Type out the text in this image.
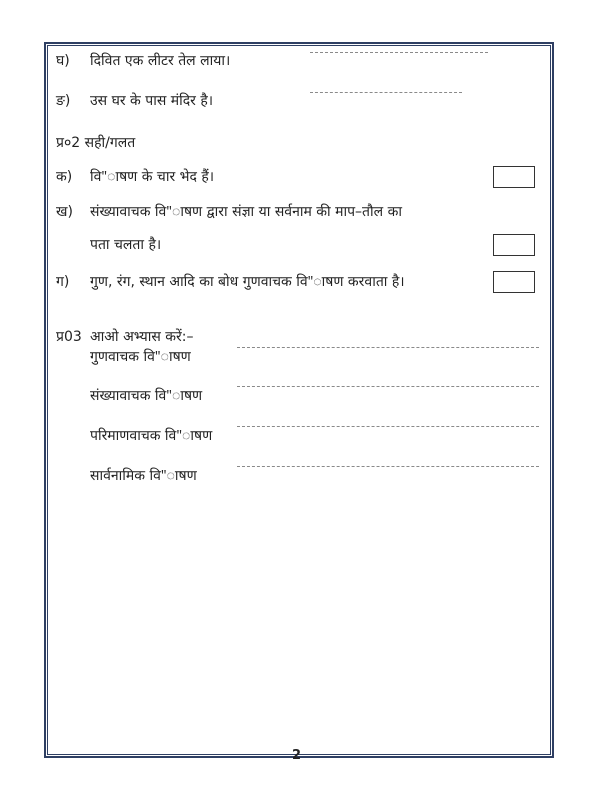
घ) दिवित एक लीटर तेल लाया।
ङ) उस घर के पास मंदिर है।
प्र०2 सही/गलत
क) वि"ाषण के चार भेद हैं।
ख) संख्यावाचक वि"ाषण द्वारा संज्ञा या सर्वनाम की माप–तौल का
पता चलता है।
ग) गुण, रंग, स्थान आदि का बोध गुणवाचक वि"ाषण करवाता है।
प्र03 आओ अभ्यास करें:–
गुणवाचक वि"ाषण
संख्यावाचक वि"ाषण
परिमाणवाचक वि"ाषण
सार्वनामिक वि"ाषण
2
